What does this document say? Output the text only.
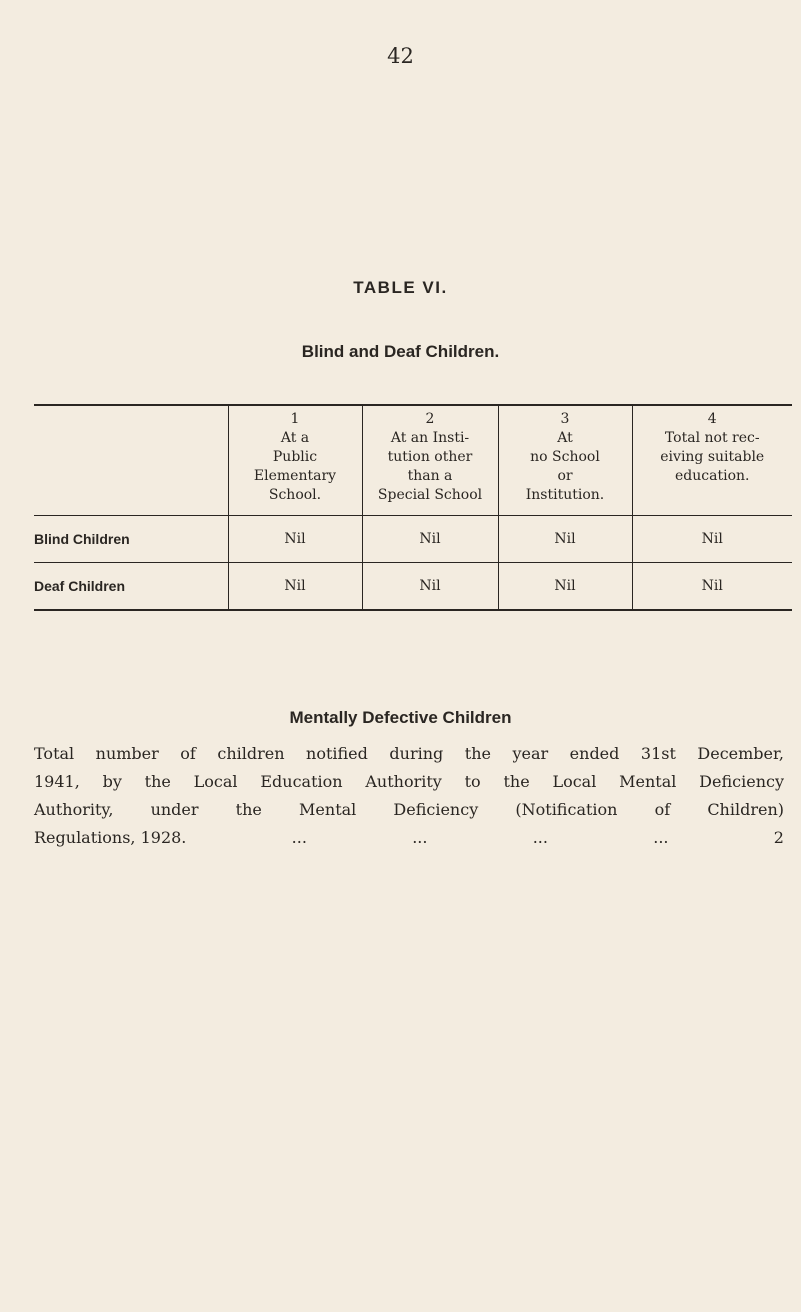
42
TABLE VI.
Blind and Deaf Children.

	1
At a
Public
Elementary
School.	2
At an Insti-
tution other
than a
Special School	3
At
no School
or
Institution.	4
Total not rec-
eiving suitable
education.

Blind Children	Nil	Nil	Nil	Nil
Deaf Children	Nil	Nil	Nil	Nil
Mentally Defective Children

Total number of children notified during the year ended 31st December,
1941, by the Local Education Authority to the Local Mental Deficiency
Authority, under the Mental Deficiency (Notification of Children)
Regulations, 1928.	...	...	...	...	2
